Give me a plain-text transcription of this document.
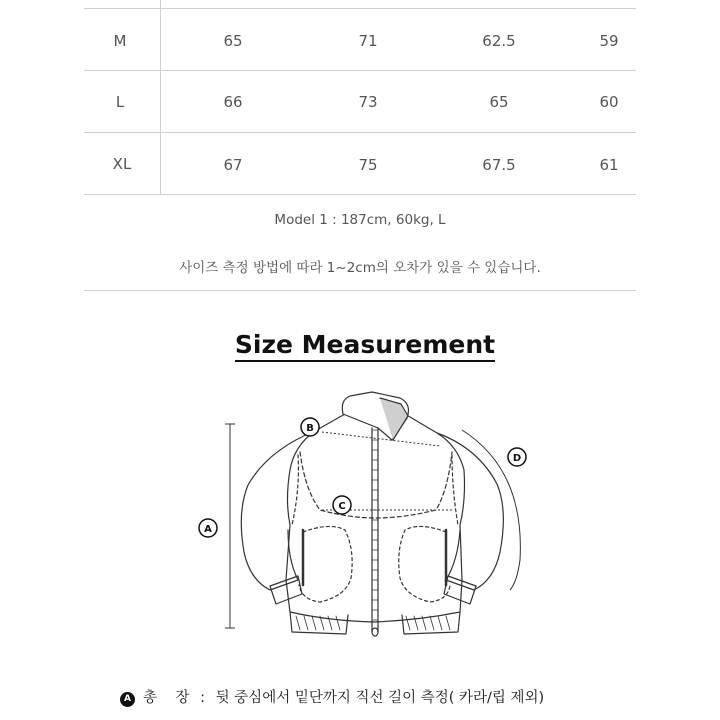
M	65	71	62.5	59
L	66	73	65	60
XL	67	75	67.5	61
Model 1 : 187cm, 60kg, L
사이즈 측정 방법에 따라 1~2cm의 오차가 있을 수 있습니다.
Size Measurement
A
B
C
D
A 총    장 : 뒷 중심에서 밑단까지 직선 길이 측정( 카라/립 제외)
